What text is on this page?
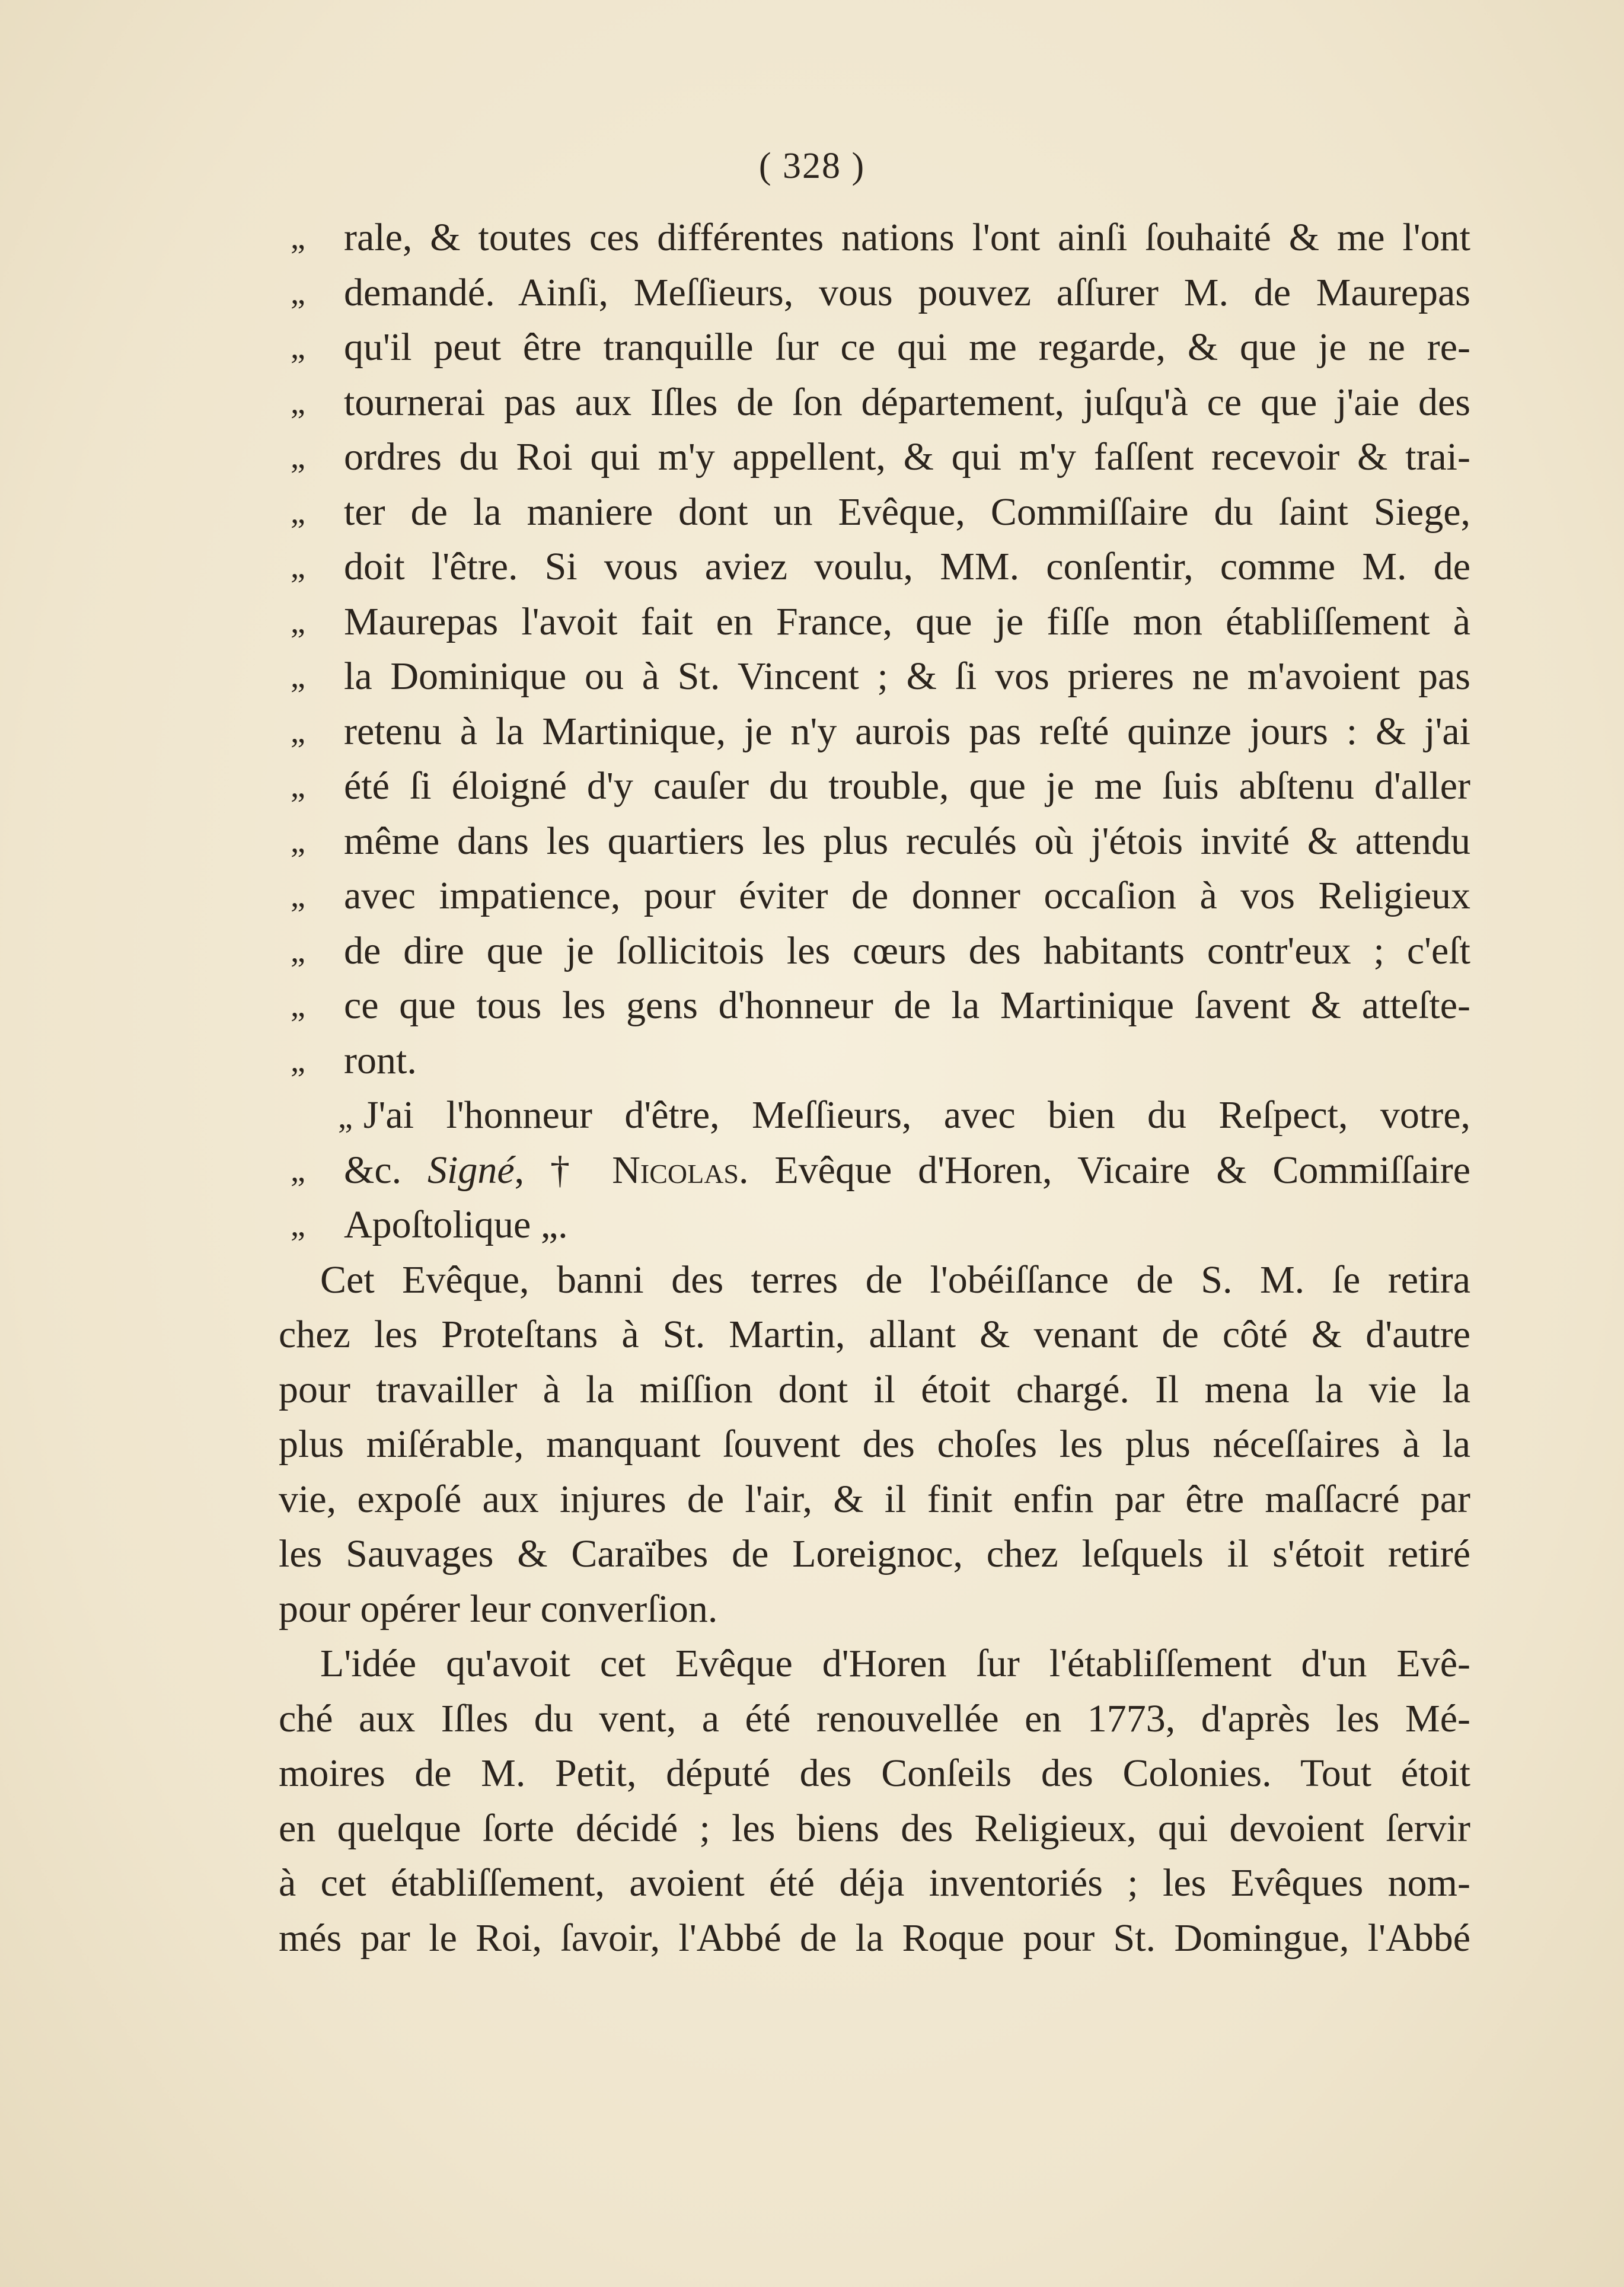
( 328 )
„ rale, & toutes ces différentes nations l'ont ainſi ſouhaité & me l'ont
„ demandé. Ainſi, Meſſieurs, vous pouvez aſſurer M. de Maurepas
„ qu'il peut être tranquille ſur ce qui me regarde, & que je ne re-
„ tournerai pas aux Iſles de ſon département, juſqu'à ce que j'aie des
„ ordres du Roi qui m'y appellent, & qui m'y faſſent recevoir & trai-
„ ter de la maniere dont un Evêque, Commiſſaire du ſaint Siege,
„ doit l'être. Si vous aviez voulu, MM. conſentir, comme M. de
„ Maurepas l'avoit fait en France, que je fiſſe mon établiſſement à
„ la Dominique ou à St. Vincent ; & ſi vos prieres ne m'avoient pas
„ retenu à la Martinique, je n'y aurois pas reſté quinze jours : & j'ai
„ été ſi éloigné d'y cauſer du trouble, que je me ſuis abſtenu d'aller
„ même dans les quartiers les plus reculés où j'étois invité & attendu
„ avec impatience, pour éviter de donner occaſion à vos Religieux
„ de dire que je ſollicitois les cœurs des habitants contr'eux ; c'eſt
„ ce que tous les gens d'honneur de la Martinique ſavent & atteſte-
„ ront.
„ J'ai l'honneur d'être, Meſſieurs, avec bien du Reſpect, votre,
„ &c. Signé, † Nicolas. Evêque d'Horen, Vicaire & Commiſſaire
„ Apoſtolique „.
Cet Evêque, banni des terres de l'obéiſſance de S. M. ſe retira
chez les Proteſtans à St. Martin, allant & venant de côté & d'autre
pour travailler à la miſſion dont il étoit chargé. Il mena la vie la
plus miſérable, manquant ſouvent des choſes les plus néceſſaires à la
vie, expoſé aux injures de l'air, & il finit enfin par être maſſacré par
les Sauvages & Caraïbes de Loreignoc, chez leſquels il s'étoit retiré
pour opérer leur converſion.
L'idée qu'avoit cet Evêque d'Horen ſur l'établiſſement d'un Evê-
ché aux Iſles du vent, a été renouvellée en 1773, d'après les Mé-
moires de M. Petit, député des Conſeils des Colonies. Tout étoit
en quelque ſorte décidé ; les biens des Religieux, qui devoient ſervir
à cet établiſſement, avoient été déja inventoriés ; les Evêques nom-
més par le Roi, ſavoir, l'Abbé de la Roque pour St. Domingue, l'Abbé
